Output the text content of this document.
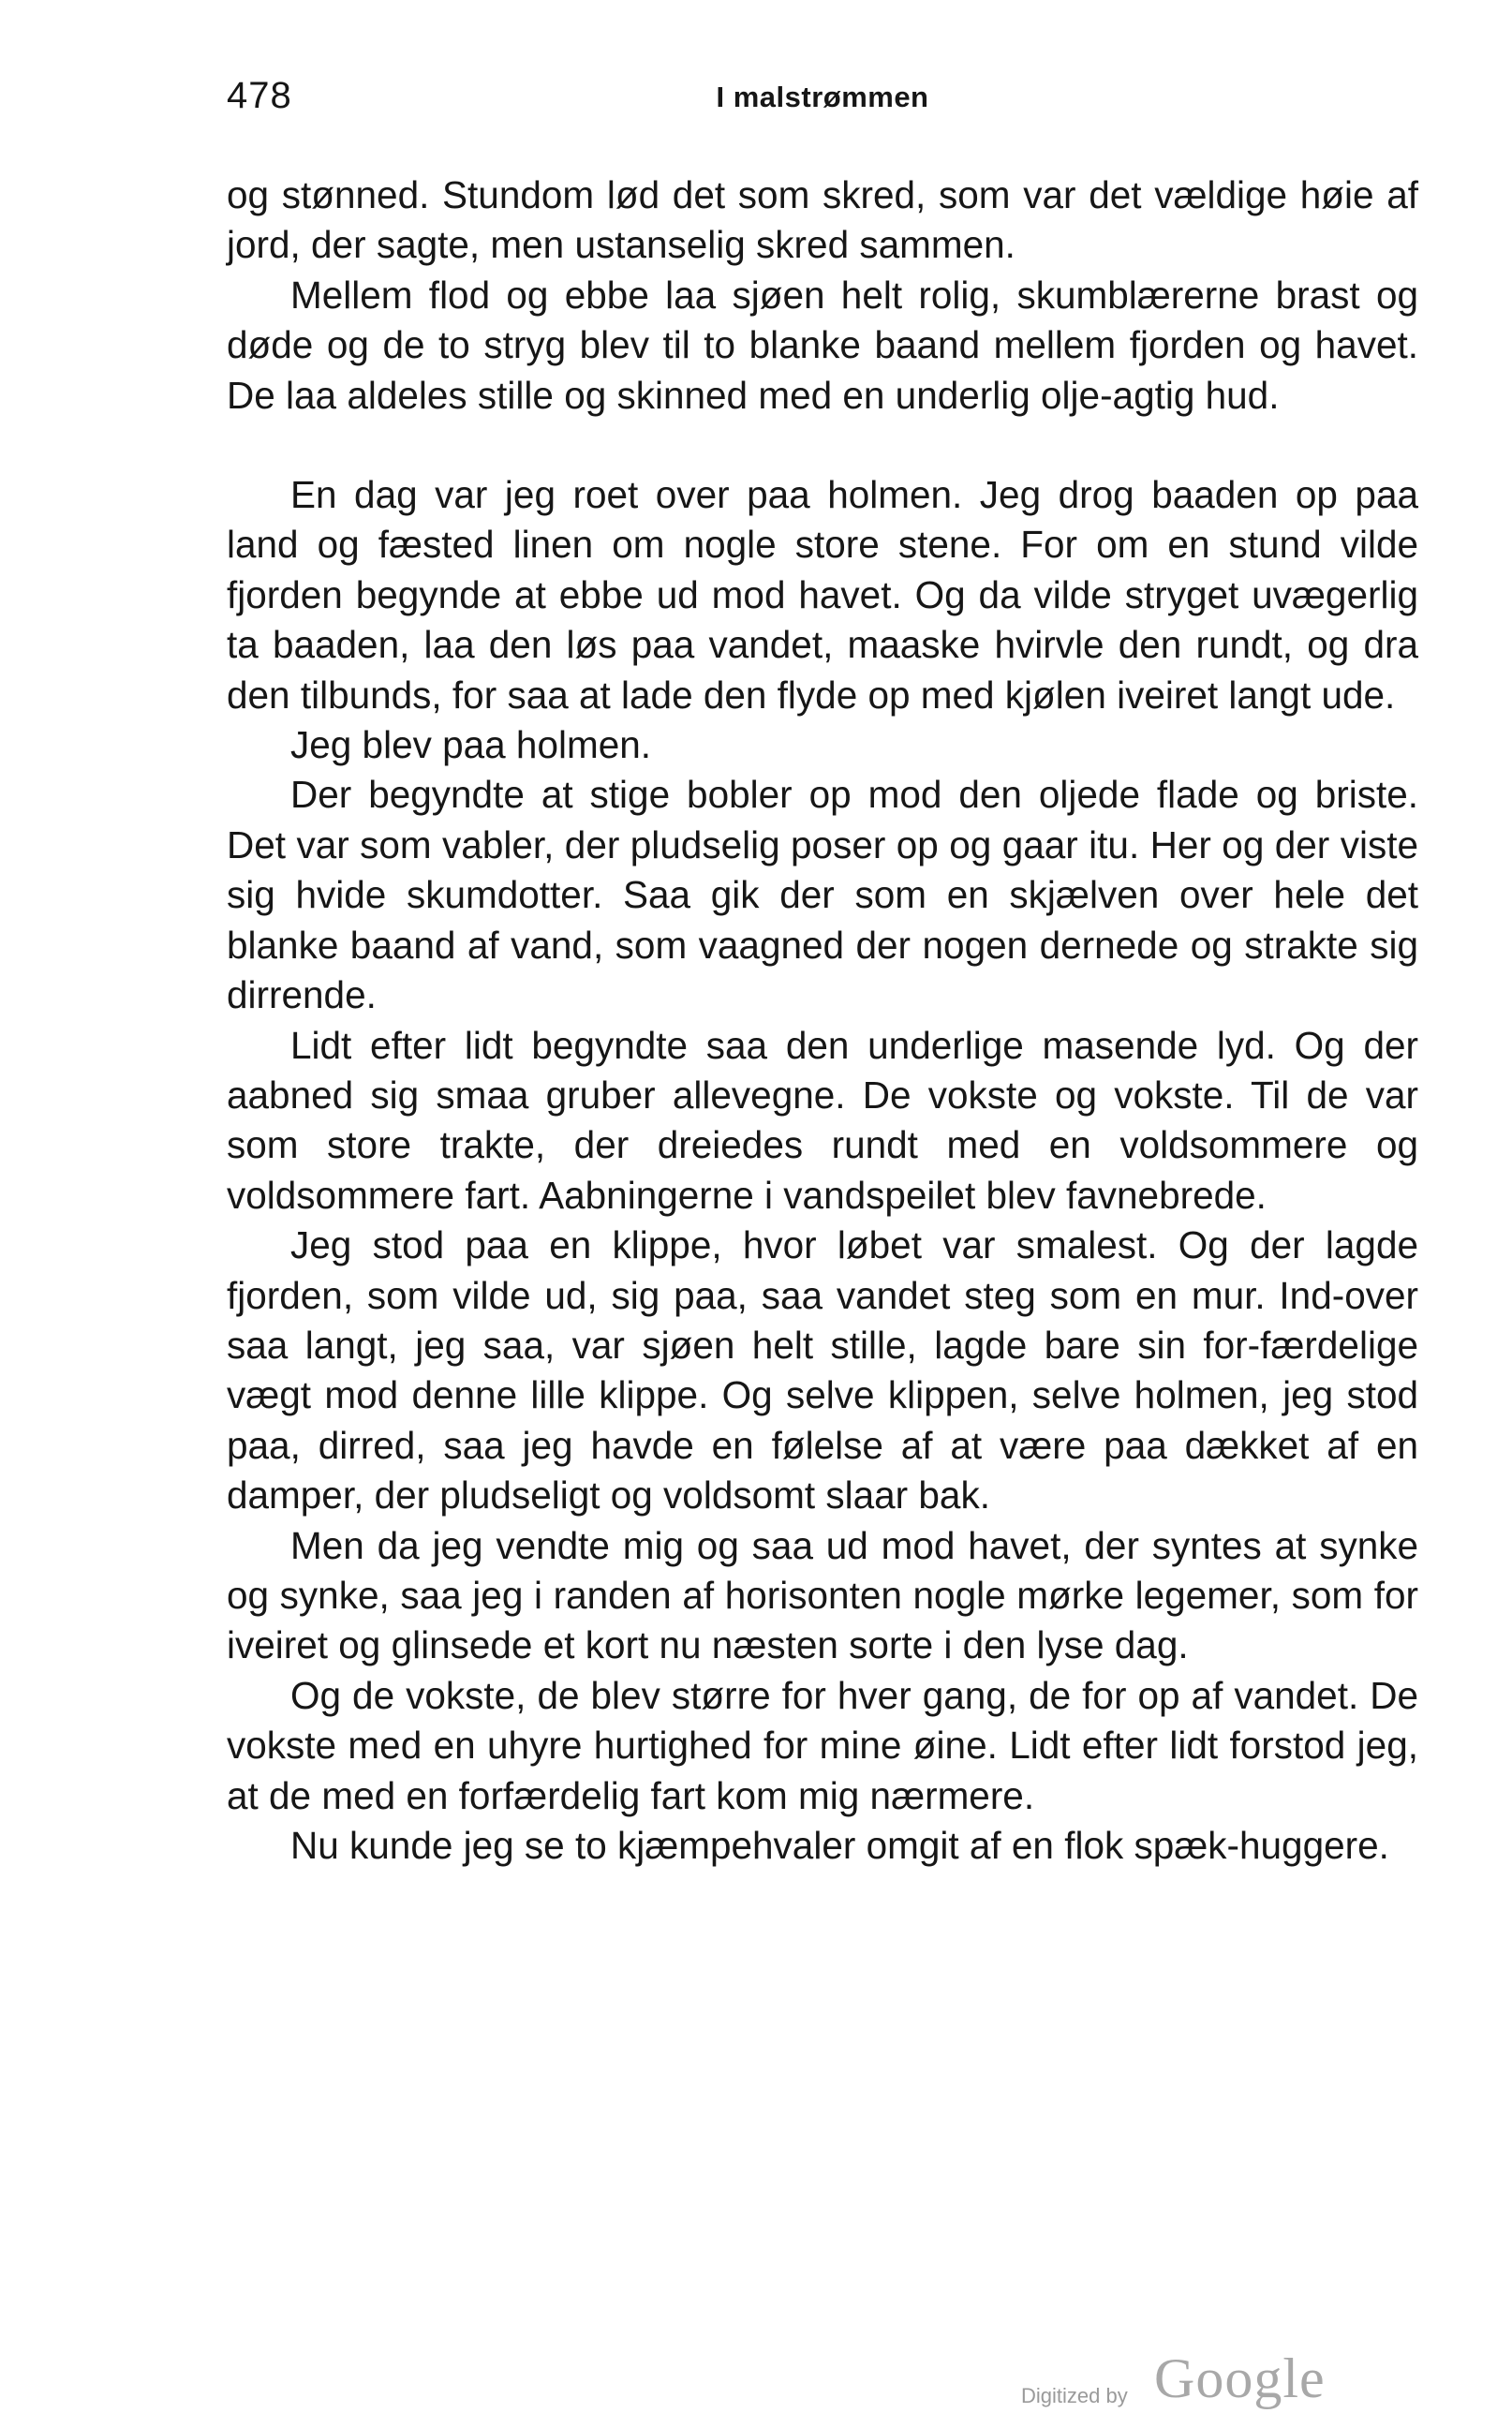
478	I malstrømmen

og stønned. Stundom lød det som skred, som var det vældige høie af jord, der sagte, men ustanselig skred sammen.

Mellem flod og ebbe laa sjøen helt rolig, skumblærerne brast og døde og de to stryg blev til to blanke baand mellem fjorden og havet. De laa aldeles stille og skinned med en underlig olje-agtig hud.

En dag var jeg roet over paa holmen. Jeg drog baaden op paa land og fæsted linen om nogle store stene. For om en stund vilde fjorden begynde at ebbe ud mod havet. Og da vilde stryget uvægerlig ta baaden, laa den løs paa vandet, maaske hvirvle den rundt, og dra den tilbunds, for saa at lade den flyde op med kjølen iveiret langt ude.

Jeg blev paa holmen.

Der begyndte at stige bobler op mod den oljede flade og briste. Det var som vabler, der pludselig poser op og gaar itu. Her og der viste sig hvide skumdotter. Saa gik der som en skjælven over hele det blanke baand af vand, som vaagned der nogen dernede og strakte sig dirrende.

Lidt efter lidt begyndte saa den underlige masende lyd. Og der aabned sig smaa gruber allevegne. De vokste og vokste. Til de var som store trakte, der dreiedes rundt med en voldsommere og voldsommere fart. Aabningerne i vandspeilet blev favnebrede.

Jeg stod paa en klippe, hvor løbet var smalest. Og der lagde fjorden, som vilde ud, sig paa, saa vandet steg som en mur. Ind-over saa langt, jeg saa, var sjøen helt stille, lagde bare sin for-færdelige vægt mod denne lille klippe. Og selve klippen, selve holmen, jeg stod paa, dirred, saa jeg havde en følelse af at være paa dækket af en damper, der pludseligt og voldsomt slaar bak.

Men da jeg vendte mig og saa ud mod havet, der syntes at synke og synke, saa jeg i randen af horisonten nogle mørke legemer, som for iveiret og glinsede et kort nu næsten sorte i den lyse dag.

Og de vokste, de blev større for hver gang, de for op af vandet. De vokste med en uhyre hurtighed for mine øine. Lidt efter lidt forstod jeg, at de med en forfærdelig fart kom mig nærmere.

Nu kunde jeg se to kjæmpehvaler omgit af en flok spæk-huggere.

Digitized by Google
